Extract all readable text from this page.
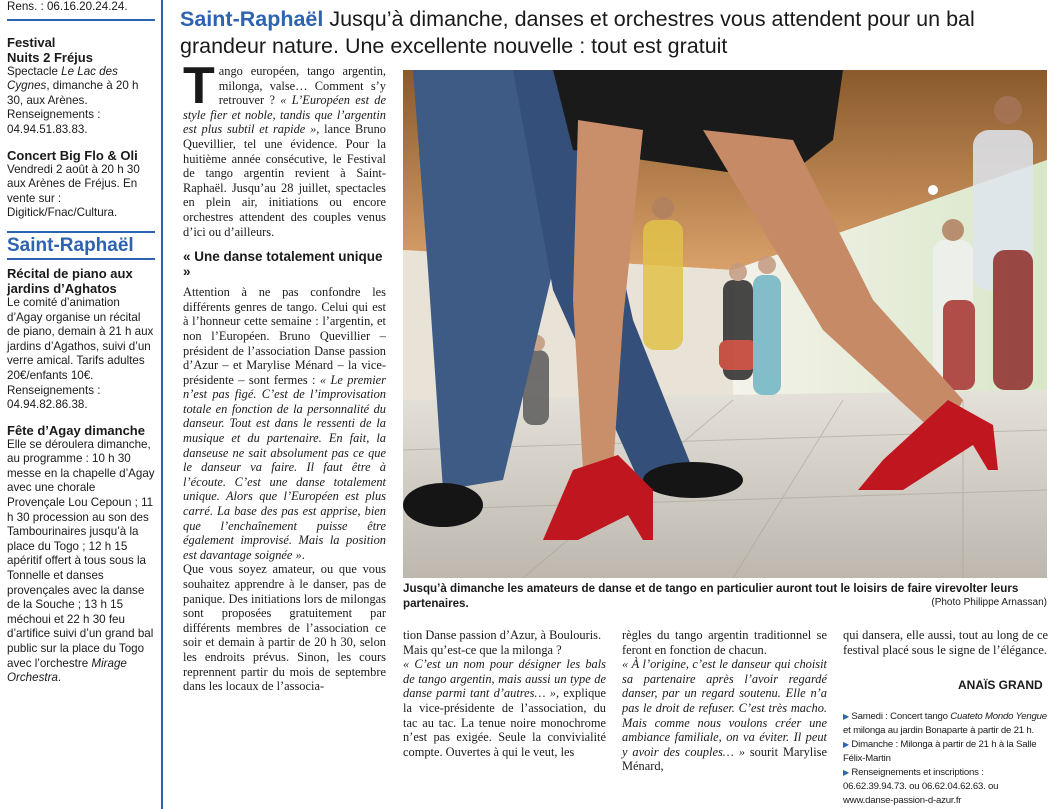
Rens. : 06.16.20.24.24.
Festival
Nuits 2 Fréjus
Spectacle Le Lac des Cygnes, dimanche à 20 h 30, aux Arènes. Renseignements : 04.94.51.83.83.
Concert Big Flo & Oli
Vendredi 2 août à 20 h 30 aux Arènes de Fréjus. En vente sur : Digitick/Fnac/Cultura.
Saint-Raphaël
Récital de piano aux jardins d’Aghatos
Le comité d’animation d’Agay organise un récital de piano, demain à 21 h aux jardins d’Agathos, suivi d’un verre amical. Tarifs adultes 20€/enfants 10€. Renseignements : 04.94.82.86.38.
Fête d’Agay dimanche
Elle se déroulera dimanche, au programme : 10 h 30 messe en la chapelle d’Agay avec une chorale Provençale Lou Cepoun ; 11 h 30 procession au son des Tambourinaires jusqu’à la place du Togo ; 12 h 15 apéritif offert à tous sous la Tonnelle et danses provençales avec la danse de la Souche ; 13 h 15 méchoui et 22 h 30 feu d’artifice suivi d’un grand bal public sur la place du Togo avec l’orchestre Mirage Orchestra.
Saint-Raphaël Jusqu’à dimanche, danses et orchestres vous attendent pour un bal grandeur nature. Une excellente nouvelle : tout est gratuit

Tango européen, tango argentin, milonga, valse… Comment s’y retrouver ? « L’Européen est de style fier et noble, tandis que l’argentin est plus subtil et rapide », lance Bruno Quevillier, tel une évidence. Pour la huitième année consécutive, le Festival de tango argentin revient à Saint-Raphaël. Jusqu’au 28 juillet, spectacles en plein air, initiations ou encore orchestres attendent des couples venus d’ici ou d’ailleurs.

« Une danse totalement unique »

Attention à ne pas confondre les différents genres de tango. Celui qui est à l’honneur cette semaine : l’argentin, et non l’Européen. Bruno Quevillier – président de l’association Danse passion d’Azur – et Marylise Ménard – la vice-présidente – sont fermes : « Le premier n’est pas figé. C’est de l’improvisation totale en fonction de la personnalité du danseur. Tout est dans le ressenti de la musique et du partenaire. En fait, la danseuse ne sait absolument pas ce que le danseur va faire. Il faut être à l’écoute. C’est une danse totalement unique. Alors que l’Européen est plus carré. La base des pas est apprise, bien que l’enchaînement puisse être également improvisé. Mais la position est davantage soignée ».

Que vous soyez amateur, ou que vous souhaitez apprendre à le danser, pas de panique. Des initiations lors de milongas sont proposées gratuitement par différents membres de l’association ce soir et demain à partir de 20 h 30, selon les endroits prévus. Sinon, les cours reprennent partir du mois de septembre dans les locaux de l’associa-

Jusqu’à dimanche les amateurs de danse et de tango en particulier auront tout le loisirs de faire virevolter leurs partenaires.	(Photo Philippe Arnassan)

tion Danse passion d’Azur, à Boulouris.

Mais qu’est-ce que la milonga ?

« C’est un nom pour désigner les bals de tango argentin, mais aussi un type de danse parmi tant d’autres… », explique la vice-présidente de l’association, du tac au tac. La tenue noire monochrome n’est pas exigée. Seule la convivialité compte. Ouvertes à qui le veut, les

règles du tango argentin traditionnel se feront en fonction de chacun.

« À l’origine, c’est le danseur qui choisit sa partenaire après l’avoir regardé danser, par un regard soutenu. Elle n’a pas le droit de refuser. C’est très macho. Mais comme nous voulons créer une ambiance familiale, on va éviter. Il peut y avoir des couples… » sourit Marylise Ménard,

qui dansera, elle aussi, tout au long de ce festival placé sous le signe de l’élégance.

ANAÏS GRAND
▶ Samedi : Concert tango Cuateto Mondo Yengue et milonga au jardin Bonaparte à partir de 21 h.
▶ Dimanche : Milonga à partir de 21 h à la Salle Félix-Martin
▶ Renseignements et inscriptions : 06.62.39.94.73. ou 06.62.04.62.63. ou www.danse-passion-d-azur.fr
